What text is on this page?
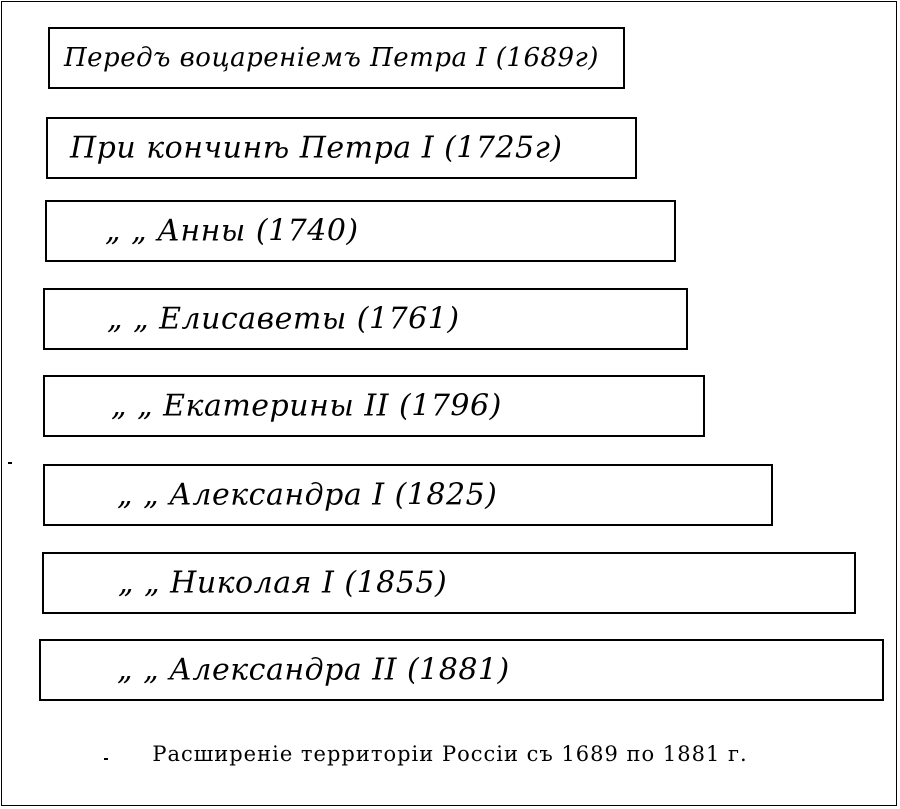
Передъ воцареніемъ Петра I (1689г)
При кончинѣ Петра I (1725г)
„ „ Анны (1740)
„ „ Елисаветы (1761)
„ „ Екатерины II (1796)
„ „ Александра I (1825)
„ „ Николая I (1855)
„ „ Александра II (1881)
Расширеніе территоріи Россіи съ 1689 по 1881 г.
